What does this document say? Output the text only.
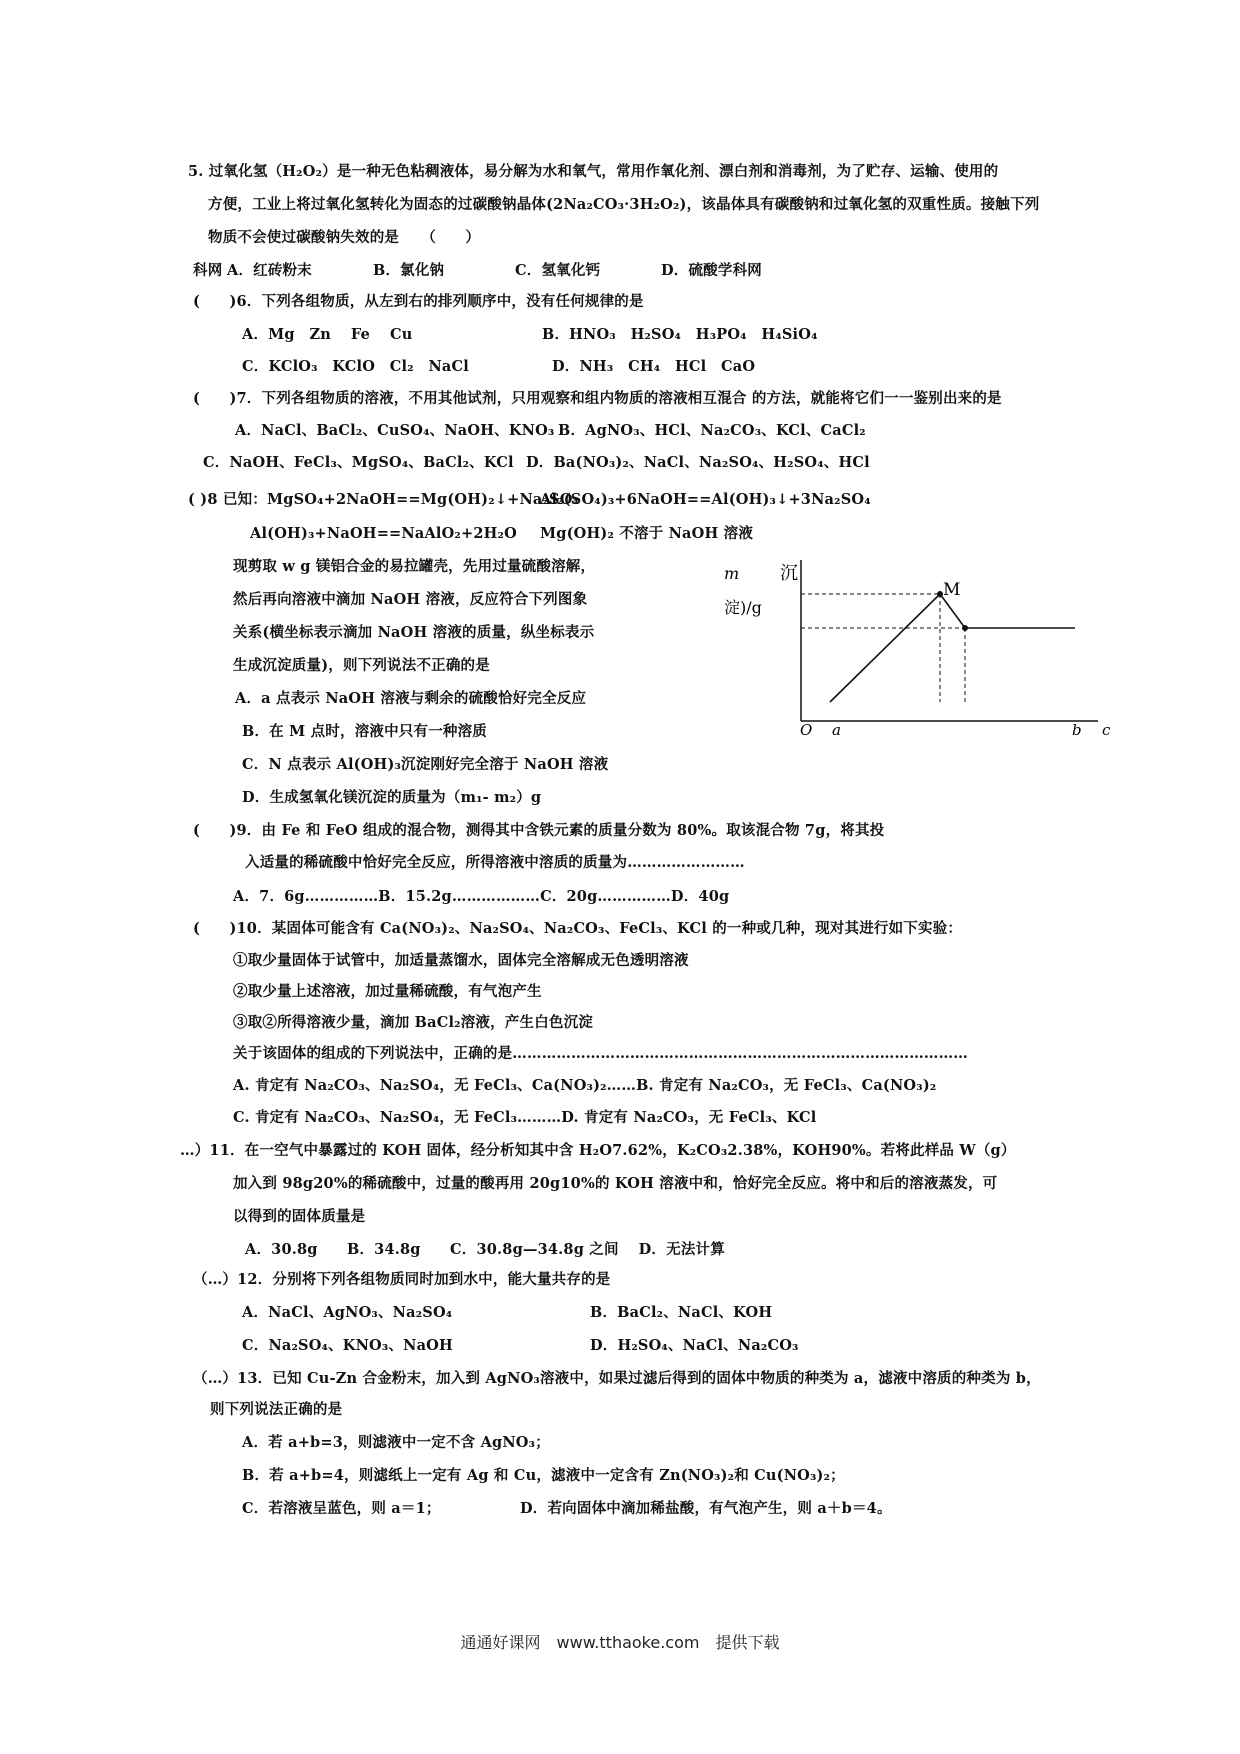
5. 过氧化氢（H₂O₂）是一种无色粘稠液体，易分解为水和氧气，常用作氧化剂、漂白剂和消毒剂，为了贮存、运输、使用的
方便，工业上将过氧化氢转化为固态的过碳酸钠晶体(2Na₂CO₃·3H₂O₂)，该晶体具有碳酸钠和过氧化氢的双重性质。接触下列
物质不会使过碳酸钠失效的是　　（　　）
科网 A．红砖粉末	B．氯化钠	C．氢氧化钙	D．硫酸学科网
(　　)6．下列各组物质，从左到右的排列顺序中，没有任何规律的是
A．Mg　Zn　 Fe　 Cu	B．HNO₃　H₂SO₄　H₃PO₄　H₄SiO₄
C．KClO₃　KClO　Cl₂　NaCl	D．NH₃　CH₄　HCl　CaO
(　　)7．下列各组物质的溶液，不用其他试剂，只用观察和组内物质的溶液相互混合 的方法，就能将它们一一鉴别出来的是
A．NaCl、BaCl₂、CuSO₄、NaOH、KNO₃ B．AgNO₃、HCl、Na₂CO₃、KCl、CaCl₂
C．NaOH、FeCl₃、MgSO₄、BaCl₂、KCl D．Ba(NO₃)₂、NaCl、Na₂SO₄、H₂SO₄、HCl
( )8 已知：MgSO₄+2NaOH==Mg(OH)₂↓+Na₂SO₄
Al₂(SO₄)₃+6NaOH==Al(OH)₃↓+3Na₂SO₄
Al(OH)₃+NaOH==NaAlO₂+2H₂O Mg(OH)₂ 不溶于 NaOH 溶液
现剪取 w g 镁铝合金的易拉罐壳，先用过量硫酸溶解，
然后再向溶液中滴加 NaOH 溶液，反应符合下列图象
关系(横坐标表示滴加 NaOH 溶液的质量，纵坐标表示
生成沉淀质量)，则下列说法不正确的是
A．a 点表示 NaOH 溶液与剩余的硫酸恰好完全反应
B．在 M 点时，溶液中只有一种溶质
C．N 点表示 Al(OH)₃沉淀刚好完全溶于 NaOH 溶液
D．生成氢氧化镁沉淀的质量为（m₁- m₂）g
m 沉
淀)/g
M
O a	b c
(　　)9．由 Fe 和 FeO 组成的混合物，测得其中含铁元素的质量分数为 80%。取该混合物 7g，将其投
入适量的稀硫酸中恰好完全反应，所得溶液中溶质的质量为……………………
A．7．6g……………B．15.2g………………C．20g……………D．40g
(　　)10．某固体可能含有 Ca(NO₃)₂、Na₂SO₄、Na₂CO₃、FeCl₃、KCl 的一种或几种，现对其进行如下实验：
①取少量固体于试管中，加适量蒸馏水，固体完全溶解成无色透明溶液
②取少量上述溶液，加过量稀硫酸，有气泡产生
③取②所得溶液少量，滴加 BaCl₂溶液，产生白色沉淀
关于该固体的组成的下列说法中，正确的是…………………………………………………………………………………
A. 肯定有 Na₂CO₃、Na₂SO₄，无 FeCl₃、Ca(NO₃)₂……B. 肯定有 Na₂CO₃，无 FeCl₃、Ca(NO₃)₂
C. 肯定有 Na₂CO₃、Na₂SO₄，无 FeCl₃………D. 肯定有 Na₂CO₃，无 FeCl₃、KCl
…）11．在一空气中暴露过的 KOH 固体，经分析知其中含 H₂O7.62%，K₂CO₃2.38%，KOH90%。若将此样品 W（g）
加入到 98g20%的稀硫酸中，过量的酸再用 20g10%的 KOH 溶液中和，恰好完全反应。将中和后的溶液蒸发，可
以得到的固体质量是
A．30.8g　　B．34.8g　　C．30.8g—34.8g 之间　 D．无法计算
（…）12．分别将下列各组物质同时加到水中，能大量共存的是
A．NaCl、AgNO₃、Na₂SO₄	B．BaCl₂、NaCl、KOH
C．Na₂SO₄、KNO₃、NaOH	D．H₂SO₄、NaCl、Na₂CO₃
（…）13．已知 Cu-Zn 合金粉末，加入到 AgNO₃溶液中，如果过滤后得到的固体中物质的种类为 a，滤液中溶质的种类为 b，
则下列说法正确的是
A．若 a+b=3，则滤液中一定不含 AgNO₃；
B．若 a+b=4，则滤纸上一定有 Ag 和 Cu，滤液中一定含有 Zn(NO₃)₂和 Cu(NO₃)₂；
C．若溶液呈蓝色，则 a＝1；	D．若向固体中滴加稀盐酸，有气泡产生，则 a＋b＝4。
通通好课网　www.tthaoke.com　提供下载
